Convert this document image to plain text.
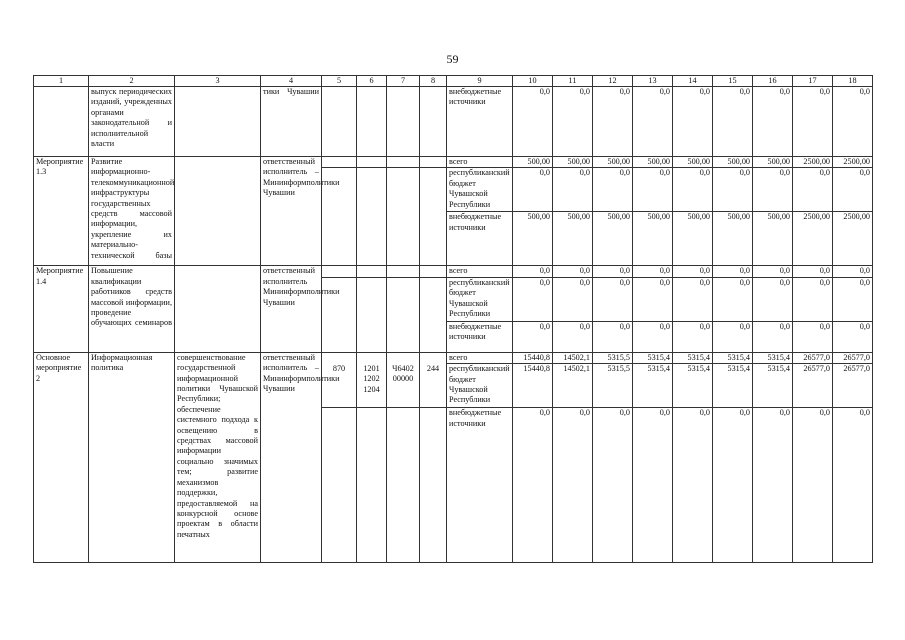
59
1	2	3	4	5	6	7	8	9	10	11	12	13	14	15	16	17	18
	выпуск периодических изданий, учрежденных органами законодательной и исполнительной власти		тики Чувашии					внебюджетные источники	0,0	0,0	0,0	0,0	0,0	0,0	0,0	0,0	0,0
Мероприятие 1.3	Развитие информационно-телекоммуникационной инфраструктуры государственных средств массовой информации, укрепление их материально-технической базы		ответственный исполнитель – Мининформполитики Чувашии					всего	500,00	500,00	500,00	500,00	500,00	500,00	500,00	2500,00	2500,00
								республиканский бюджет Чувашской Республики	0,0	0,0	0,0	0,0	0,0	0,0	0,0	0,0	0,0
								внебюджетные источники	500,00	500,00	500,00	500,00	500,00	500,00	500,00	2500,00	2500,00
Мероприятие 1.4	Повышение квалификации работников средств массовой информации, проведение обучающих семинаров		ответственный исполнитель Мининформполитики Чувашии					всего	0,0	0,0	0,0	0,0	0,0	0,0	0,0	0,0	0,0
								республиканский бюджет Чувашской Республики	0,0	0,0	0,0	0,0	0,0	0,0	0,0	0,0	0,0
								внебюджетные источники	0,0	0,0	0,0	0,0	0,0	0,0	0,0	0,0	0,0
Основное мероприятие 2	Информационная политика	совершенствование государственной информационной политики Чувашской Республики; обеспечение системного подхода к освещению в средствах массовой информации социально значимых тем; развитие механизмов поддержки, предоставляемой на конкурсной основе проектам в области печатных	ответственный исполнитель – Мининформполитики Чувашии					всего	15440,8	14502,1	5315,5	5315,4	5315,4	5315,4	5315,4	26577,0	26577,0
				870	1201 1202 1204	Ч6402 00000	244	республиканский бюджет Чувашской Республики	15440,8	14502,1	5315,5	5315,4	5315,4	5315,4	5315,4	26577,0	26577,0
								внебюджетные источники	0,0	0,0	0,0	0,0	0,0	0,0	0,0	0,0	0,0
